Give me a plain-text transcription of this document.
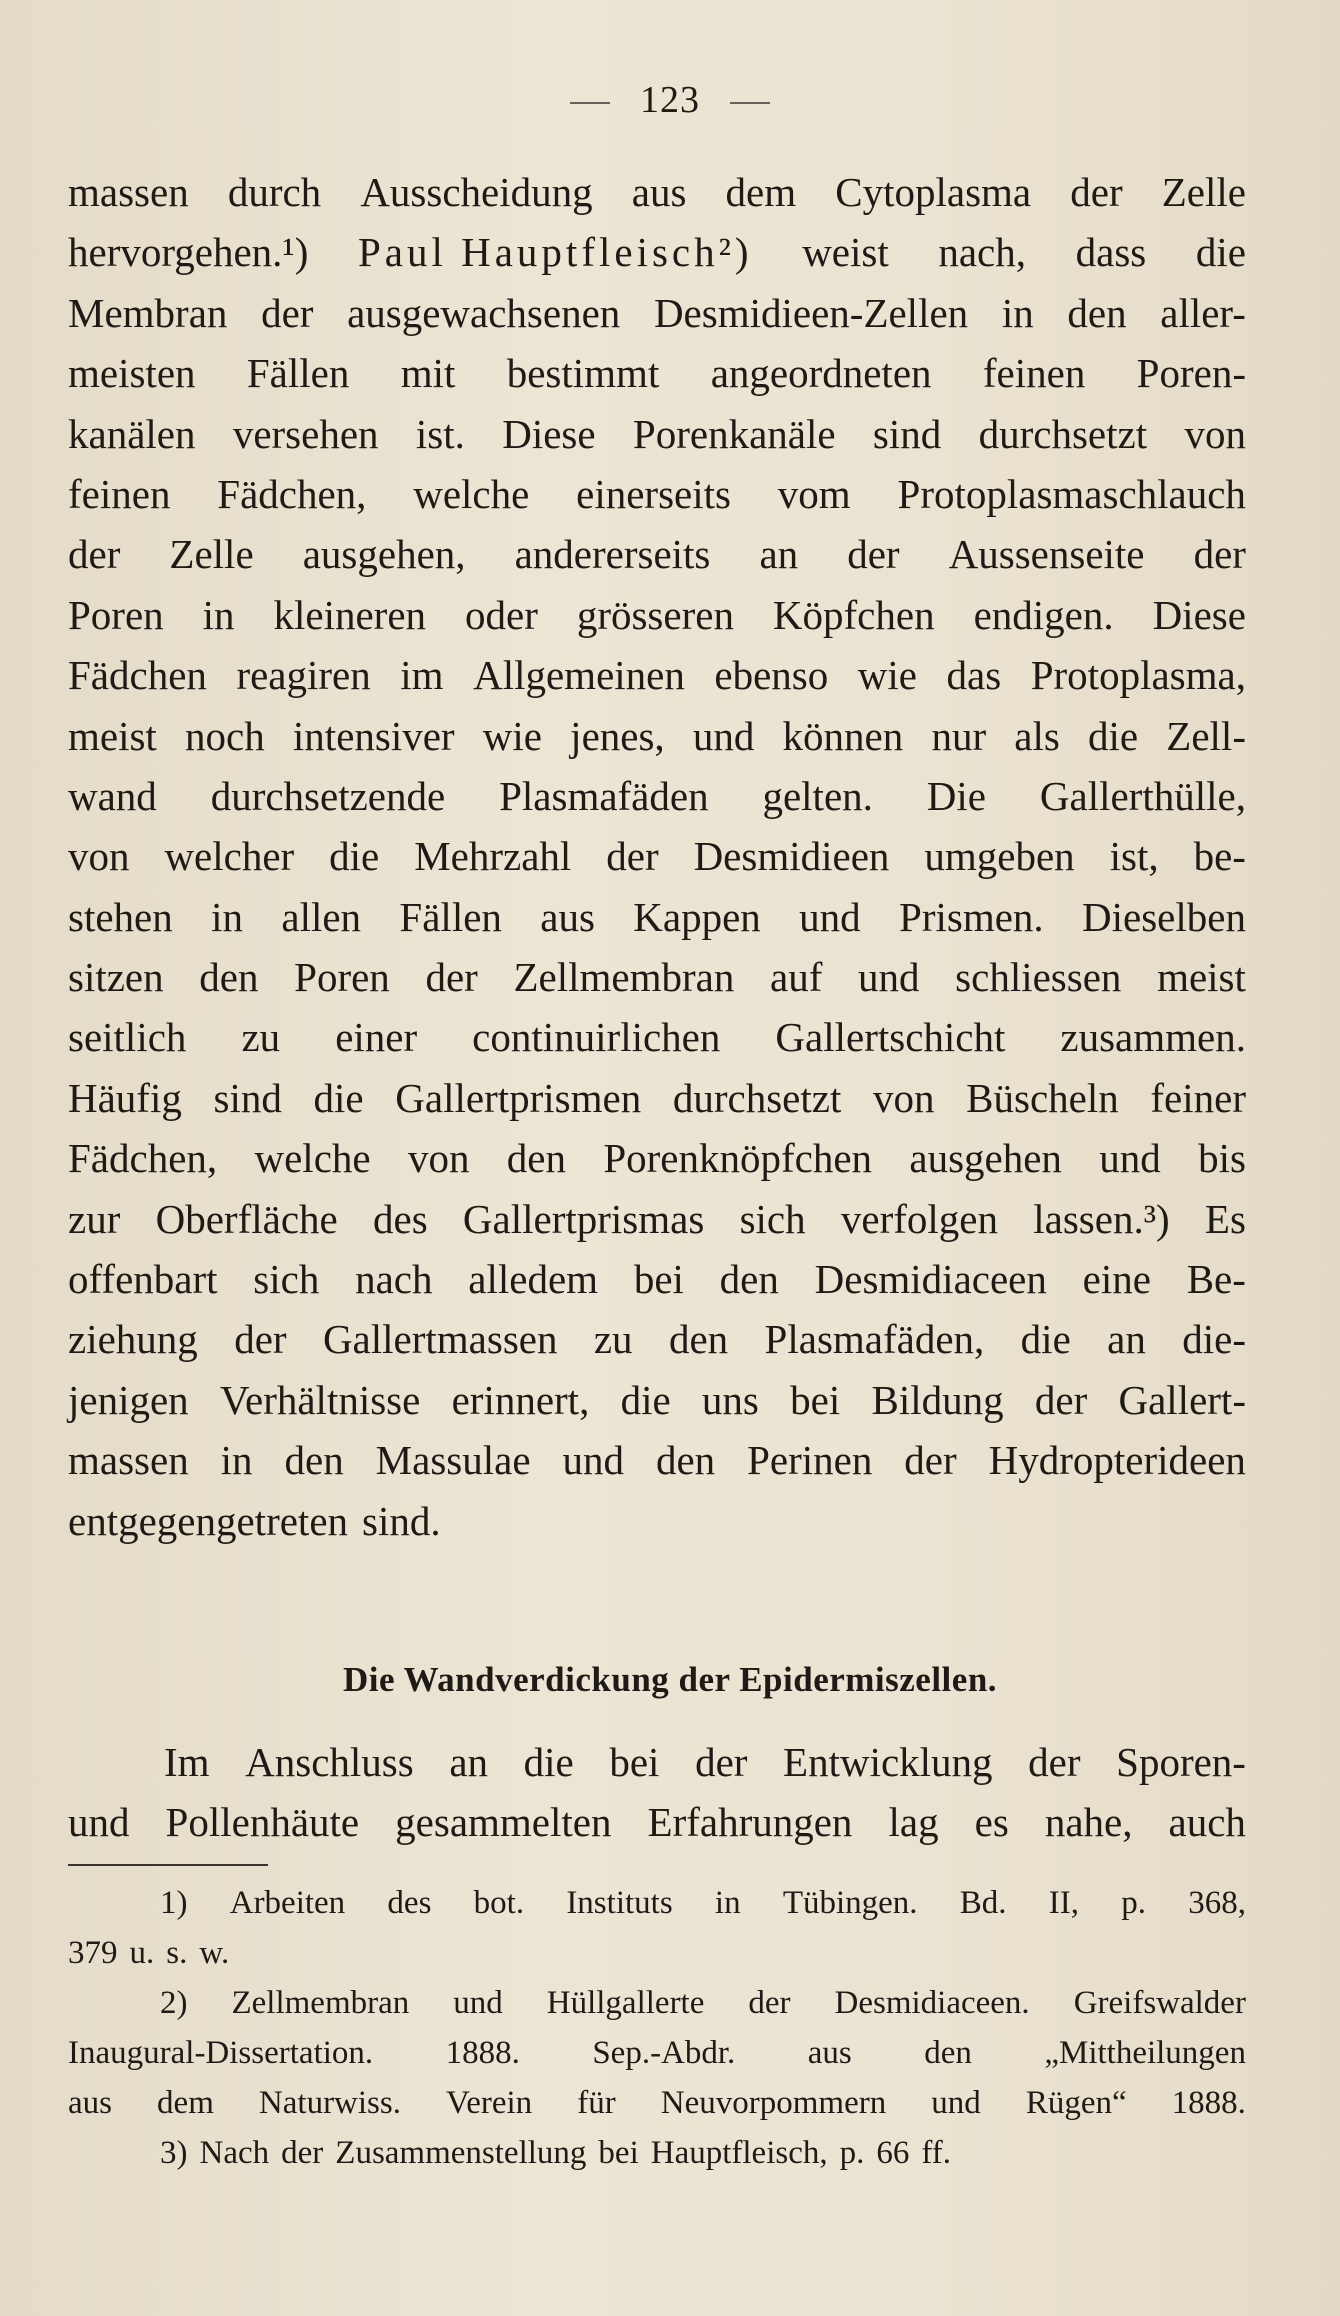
123
massen durch Ausscheidung aus dem Cytoplasma der Zelle
hervorgehen.¹) Paul Hauptfleisch²) weist nach, dass die
Membran der ausgewachsenen Desmidieen-Zellen in den aller-
meisten Fällen mit bestimmt angeordneten feinen Poren-
kanälen versehen ist. Diese Porenkanäle sind durchsetzt von
feinen Fädchen, welche einerseits vom Protoplasmaschlauch
der Zelle ausgehen, andererseits an der Aussenseite der
Poren in kleineren oder grösseren Köpfchen endigen. Diese
Fädchen reagiren im Allgemeinen ebenso wie das Protoplasma,
meist noch intensiver wie jenes, und können nur als die Zell-
wand durchsetzende Plasmafäden gelten. Die Gallerthülle,
von welcher die Mehrzahl der Desmidieen umgeben ist, be-
stehen in allen Fällen aus Kappen und Prismen. Dieselben
sitzen den Poren der Zellmembran auf und schliessen meist
seitlich zu einer continuirlichen Gallertschicht zusammen.
Häufig sind die Gallertprismen durchsetzt von Büscheln feiner
Fädchen, welche von den Porenknöpfchen ausgehen und bis
zur Oberfläche des Gallertprismas sich verfolgen lassen.³) Es
offenbart sich nach alledem bei den Desmidiaceen eine Be-
ziehung der Gallertmassen zu den Plasmafäden, die an die-
jenigen Verhältnisse erinnert, die uns bei Bildung der Gallert-
massen in den Massulae und den Perinen der Hydropterideen
entgegengetreten sind.
Die Wandverdickung der Epidermiszellen.
Im Anschluss an die bei der Entwicklung der Sporen-
und Pollenhäute gesammelten Erfahrungen lag es nahe, auch
1) Arbeiten des bot. Instituts in Tübingen. Bd. II, p. 368,
379 u. s. w.
2) Zellmembran und Hüllgallerte der Desmidiaceen. Greifswalder
Inaugural-Dissertation. 1888. Sep.-Abdr. aus den „Mittheilungen
aus dem Naturwiss. Verein für Neuvorpommern und Rügen“ 1888.
3) Nach der Zusammenstellung bei Hauptfleisch, p. 66 ff.
